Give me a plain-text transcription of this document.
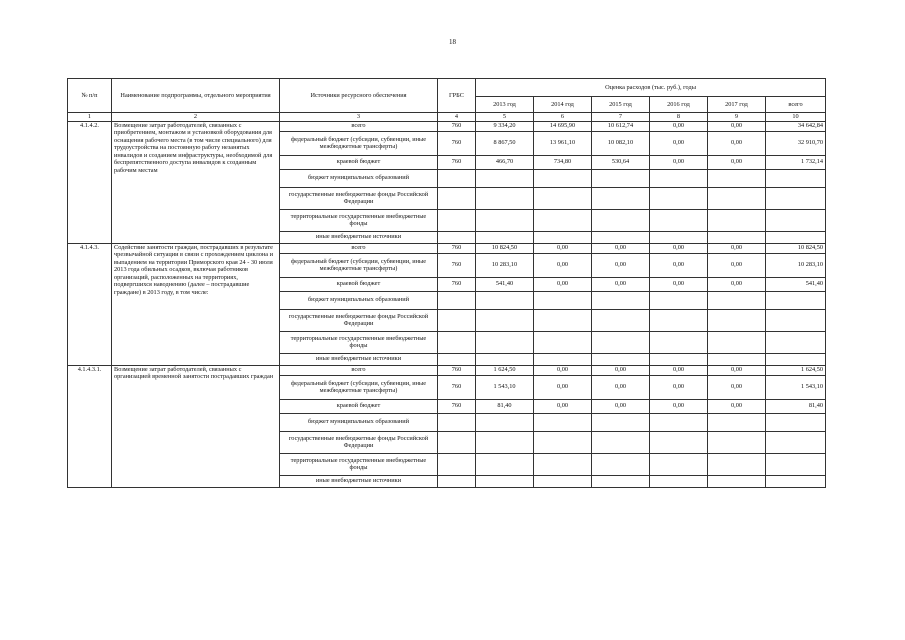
18
№ п/п	Наименование подпрограммы, отдельного мероприятия	Источники ресурсного обеспечения	ГРБС	Оценка расходов (тыс. руб.), годы					
				2013 год	2014 год	2015 год	2016 год	2017 год	всего
1	2	3	4	5	6	7	8	9	10
4.1.4.2.	Возмещение затрат работодателей, связанных с приобретением, монтажом и установкой оборудования для оснащения рабочего места (в том числе специального) для трудоустройства на постоянную работу незанятых инвалидов и созданием инфраструктуры, необходимой для беспрепятственного доступа инвалидов к созданным рабочим местам	всего	760	9 334,20	14 695,90	10 612,74	0,00	0,00	34 642,84
		федеральный бюджет (субсидии, субвенции, иные межбюджетные трансферты)	760	8 867,50	13 961,10	10 082,10	0,00	0,00	32 910,70
		краевой бюджет	760	466,70	734,80	530,64	0,00	0,00	1 732,14
		бюджет муниципальных образований							
		государственные внебюджетные фонды Российской Федерации							
		территориальные государственные внебюджетные фонды							
		иные внебюджетные источники							
4.1.4.3.	Содействие занятости граждан, пострадавших в результате чрезвычайной ситуации в связи с прохождением циклона и выпадением на территории Приморского края 24 - 30 июля 2013 года обильных осадков, включая работников организаций, расположенных на территориях, подвергшихся наводнению (далее – пострадавшие граждане) в 2013 году, в том числе:	всего	760	10 824,50	0,00	0,00	0,00	0,00	10 824,50
		федеральный бюджет (субсидии, субвенции, иные межбюджетные трансферты)	760	10 283,10	0,00	0,00	0,00	0,00	10 283,10
		краевой бюджет	760	541,40	0,00	0,00	0,00	0,00	541,40
		бюджет муниципальных образований							
		государственные внебюджетные фонды Российской Федерации							
		территориальные государственные внебюджетные фонды							
		иные внебюджетные источники							
4.1.4.3.1.	Возмещение затрат работодателей, связанных с организацией временной занятости пострадавших граждан	всего	760	1 624,50	0,00	0,00	0,00	0,00	1 624,50
		федеральный бюджет (субсидии, субвенции, иные межбюджетные трансферты)	760	1 543,10	0,00	0,00	0,00	0,00	1 543,10
		краевой бюджет	760	81,40	0,00	0,00	0,00	0,00	81,40
		бюджет муниципальных образований							
		государственные внебюджетные фонды Российской Федерации							
		территориальные государственные внебюджетные фонды							
		иные внебюджетные источники							
